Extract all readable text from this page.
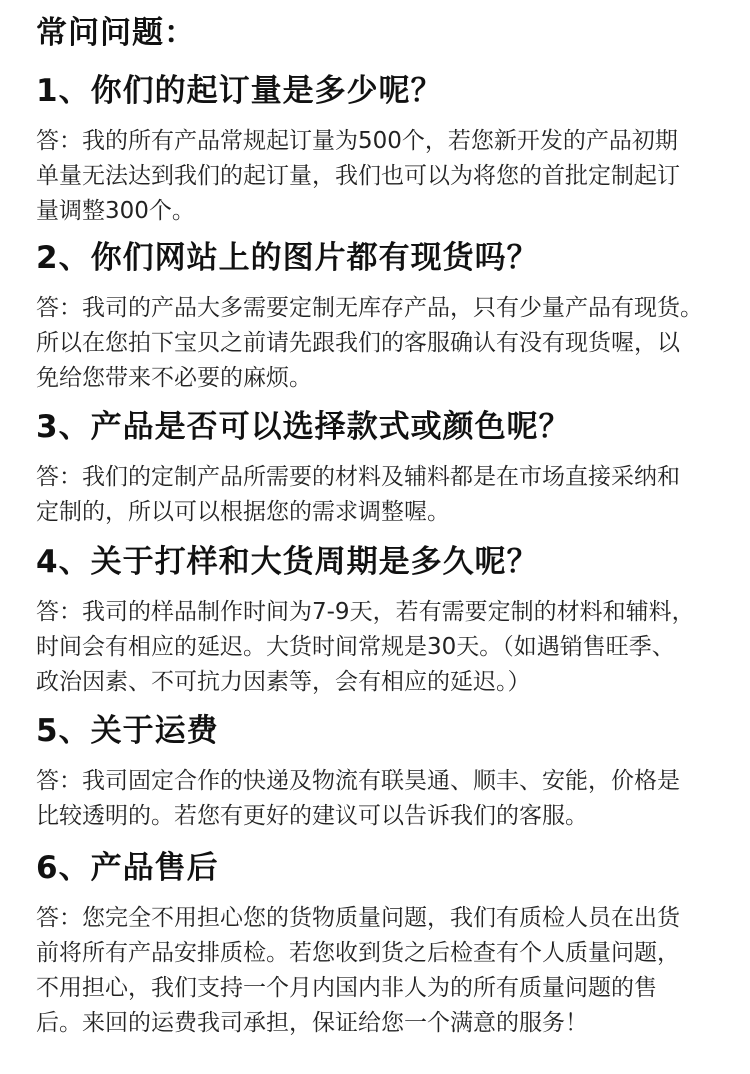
常问问题：
1、你们的起订量是多少呢？
答：我的所有产品常规起订量为500个，若您新开发的产品初期
单量无法达到我们的起订量，我们也可以为将您的首批定制起订
量调整300个。
2、你们网站上的图片都有现货吗？
答：我司的产品大多需要定制无库存产品，只有少量产品有现货。
所以在您拍下宝贝之前请先跟我们的客服确认有没有现货喔，以
免给您带来不必要的麻烦。
3、产品是否可以选择款式或颜色呢？
答：我们的定制产品所需要的材料及辅料都是在市场直接采纳和
定制的，所以可以根据您的需求调整喔。
4、关于打样和大货周期是多久呢？
答：我司的样品制作时间为7-9天，若有需要定制的材料和辅料，
时间会有相应的延迟。大货时间常规是30天。（如遇销售旺季、
政治因素、不可抗力因素等，会有相应的延迟。）
5、关于运费
答：我司固定合作的快递及物流有联昊通、顺丰、安能，价格是
比较透明的。若您有更好的建议可以告诉我们的客服。
6、产品售后
答：您完全不用担心您的货物质量问题，我们有质检人员在出货
前将所有产品安排质检。若您收到货之后检查有个人质量问题，
不用担心，我们支持一个月内国内非人为的所有质量问题的售
后。来回的运费我司承担，保证给您一个满意的服务！
